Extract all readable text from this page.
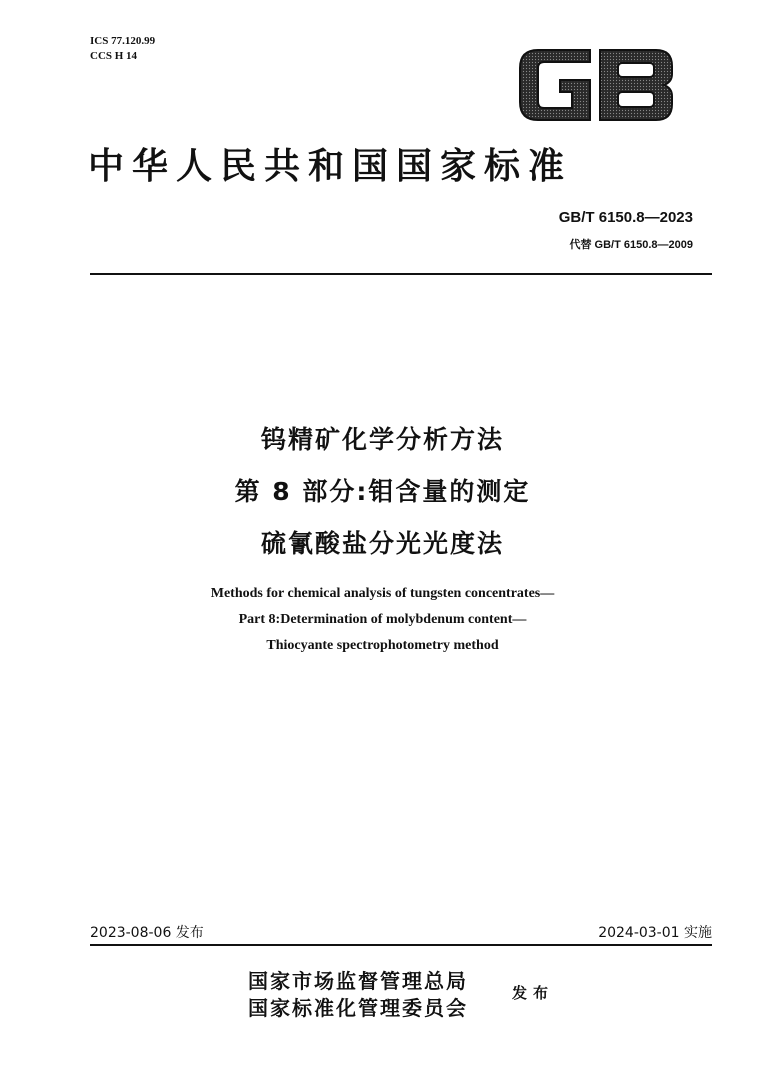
ICS 77.120.99
CCS H 14
中华人民共和国国家标准
GB/T 6150.8—2023
代替 GB/T 6150.8—2009
钨精矿化学分析方法
第 8 部分:钼含量的测定
硫氰酸盐分光光度法
Methods for chemical analysis of tungsten concentrates—
Part 8:Determination of molybdenum content—
Thiocyante spectrophotometry method
2023-08-06 发布	2024-03-01 实施
国家市场监督管理总局
国家标准化管理委员会
发布
